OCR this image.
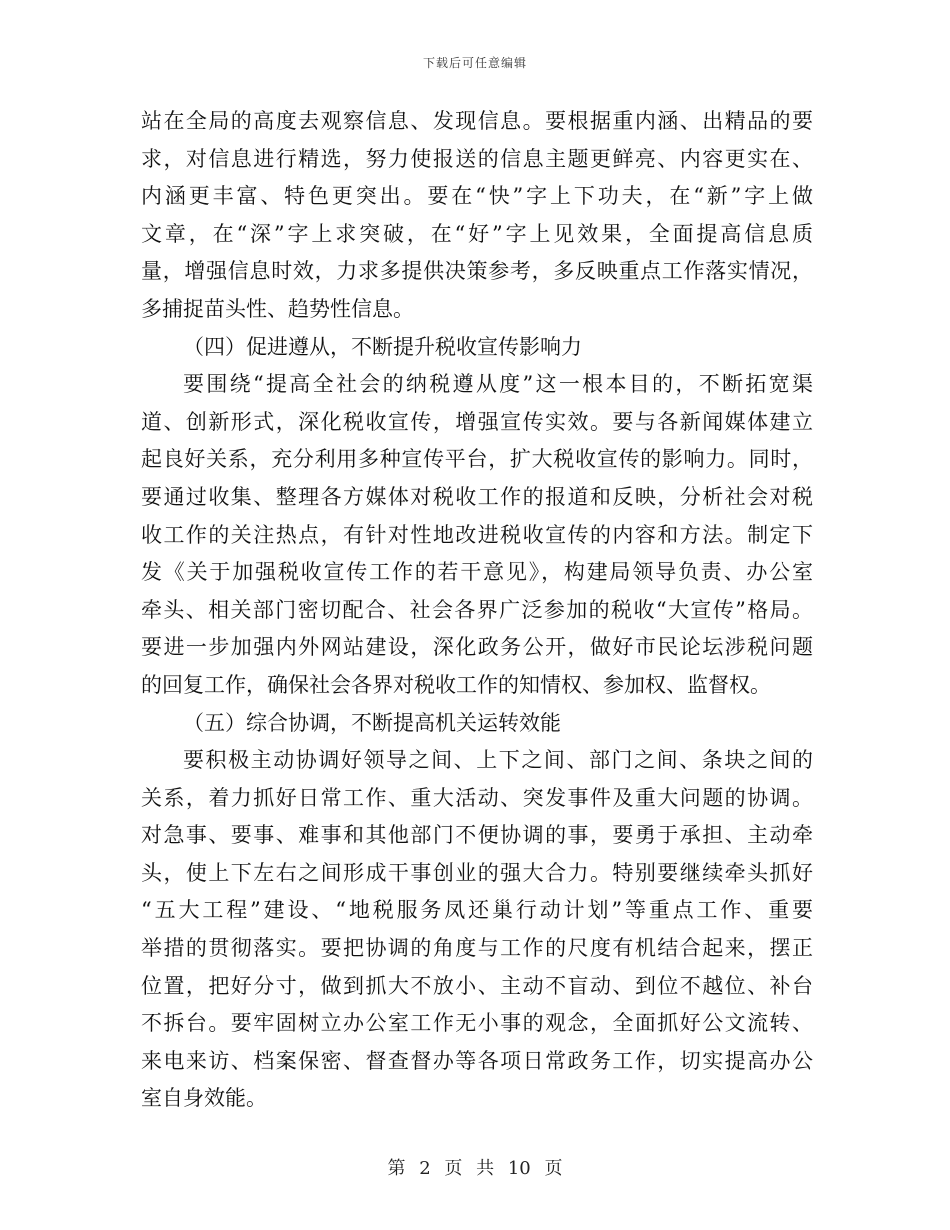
下载后可任意编辑
站在全局的高度去观察信息、发现信息。要根据重内涵、出精品的要
求，对信息进行精选，努力使报送的信息主题更鲜亮、内容更实在、
内涵更丰富、特色更突出。要在“快”字上下功夫，在“新”字上做
文章，在“深”字上求突破，在“好”字上见效果，全面提高信息质
量，增强信息时效，力求多提供决策参考，多反映重点工作落实情况，
多捕捉苗头性、趋势性信息。
（四）促进遵从，不断提升税收宣传影响力
要围绕“提高全社会的纳税遵从度”这一根本目的，不断拓宽渠
道、创新形式，深化税收宣传，增强宣传实效。要与各新闻媒体建立
起良好关系，充分利用多种宣传平台，扩大税收宣传的影响力。同时，
要通过收集、整理各方媒体对税收工作的报道和反映，分析社会对税
收工作的关注热点，有针对性地改进税收宣传的内容和方法。制定下
发《关于加强税收宣传工作的若干意见》，构建局领导负责、办公室
牵头、相关部门密切配合、社会各界广泛参加的税收“大宣传”格局。
要进一步加强内外网站建设，深化政务公开，做好市民论坛涉税问题
的回复工作，确保社会各界对税收工作的知情权、参加权、监督权。
（五）综合协调，不断提高机关运转效能
要积极主动协调好领导之间、上下之间、部门之间、条块之间的
关系，着力抓好日常工作、重大活动、突发事件及重大问题的协调。
对急事、要事、难事和其他部门不便协调的事，要勇于承担、主动牵
头，使上下左右之间形成干事创业的强大合力。特别要继续牵头抓好
“五大工程”建设、“地税服务凤还巢行动计划”等重点工作、重要
举措的贯彻落实。要把协调的角度与工作的尺度有机结合起来，摆正
位置，把好分寸，做到抓大不放小、主动不盲动、到位不越位、补台
不拆台。要牢固树立办公室工作无小事的观念，全面抓好公文流转、
来电来访、档案保密、督查督办等各项日常政务工作，切实提高办公
室自身效能。
第 2 页 共 10 页
